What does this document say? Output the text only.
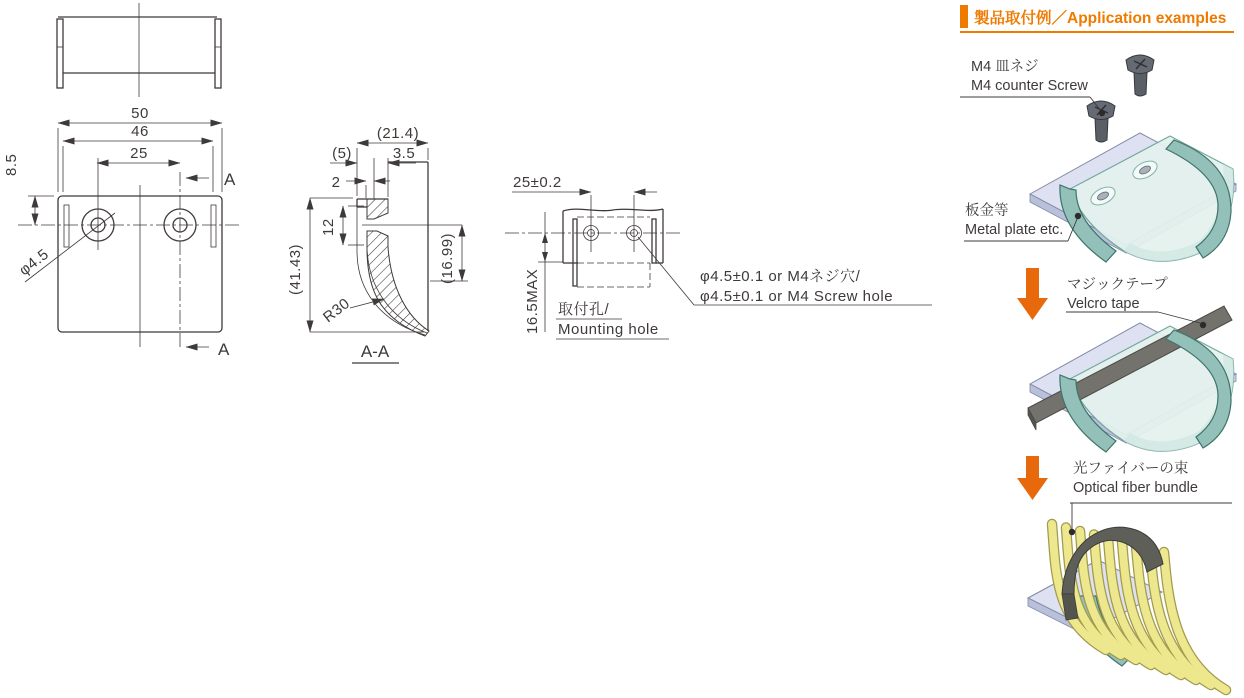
50
46
25
8.5
φ4.5
A
A
(21.4)
(5)	3.5
2
12
(41.43)	(16.99)
R30
A-A
25±0.2
16.5MAX 取付孔/
Mounting hole
φ4.5±0.1 or M4ネジ穴/
φ4.5±0.1 or M4 Screw hole
製品取付例／Application examples
M4 皿ネジ
M4 counter Screw
板金等
Metal plate etc.
マジックテープ
Velcro tape
光ファイバーの束
Optical fiber bundle
